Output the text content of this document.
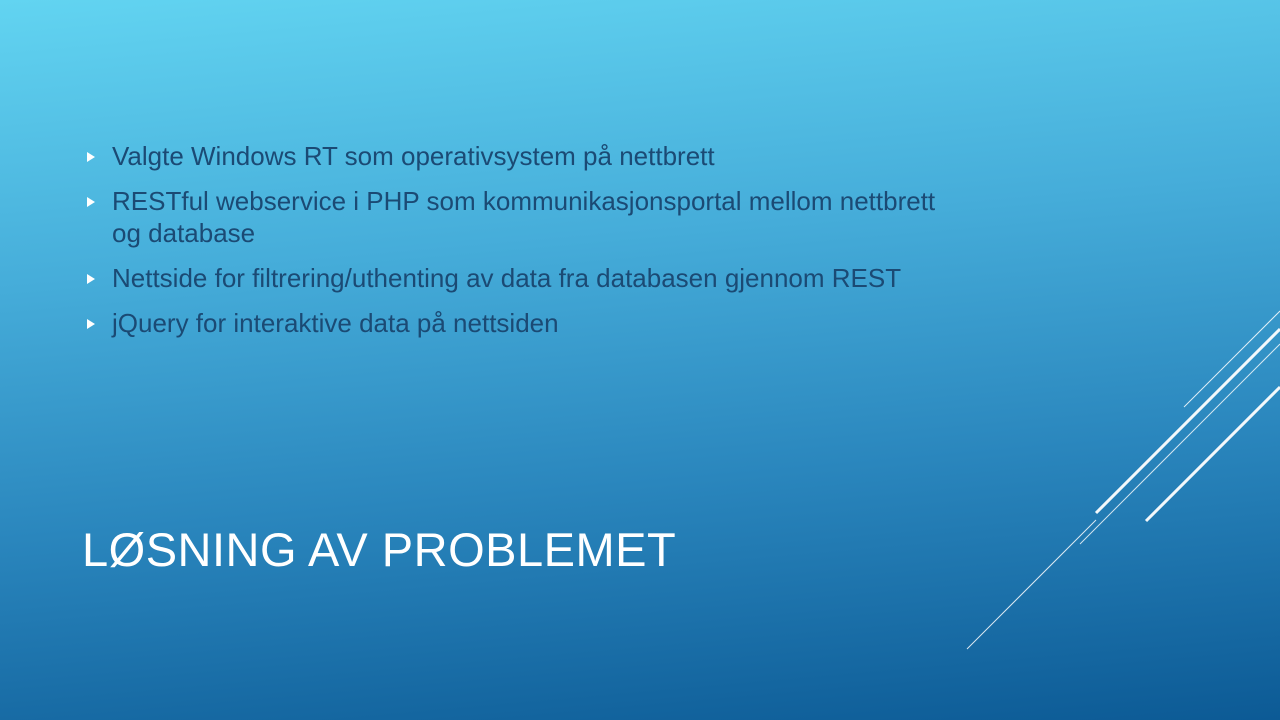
Valgte Windows RT som operativsystem på nettbrett
RESTful webservice i PHP som kommunikasjonsportal mellom nettbrett og database
Nettside for filtrering/uthenting av data fra databasen gjennom REST
jQuery for interaktive data på nettsiden
LØSNING AV PROBLEMET
